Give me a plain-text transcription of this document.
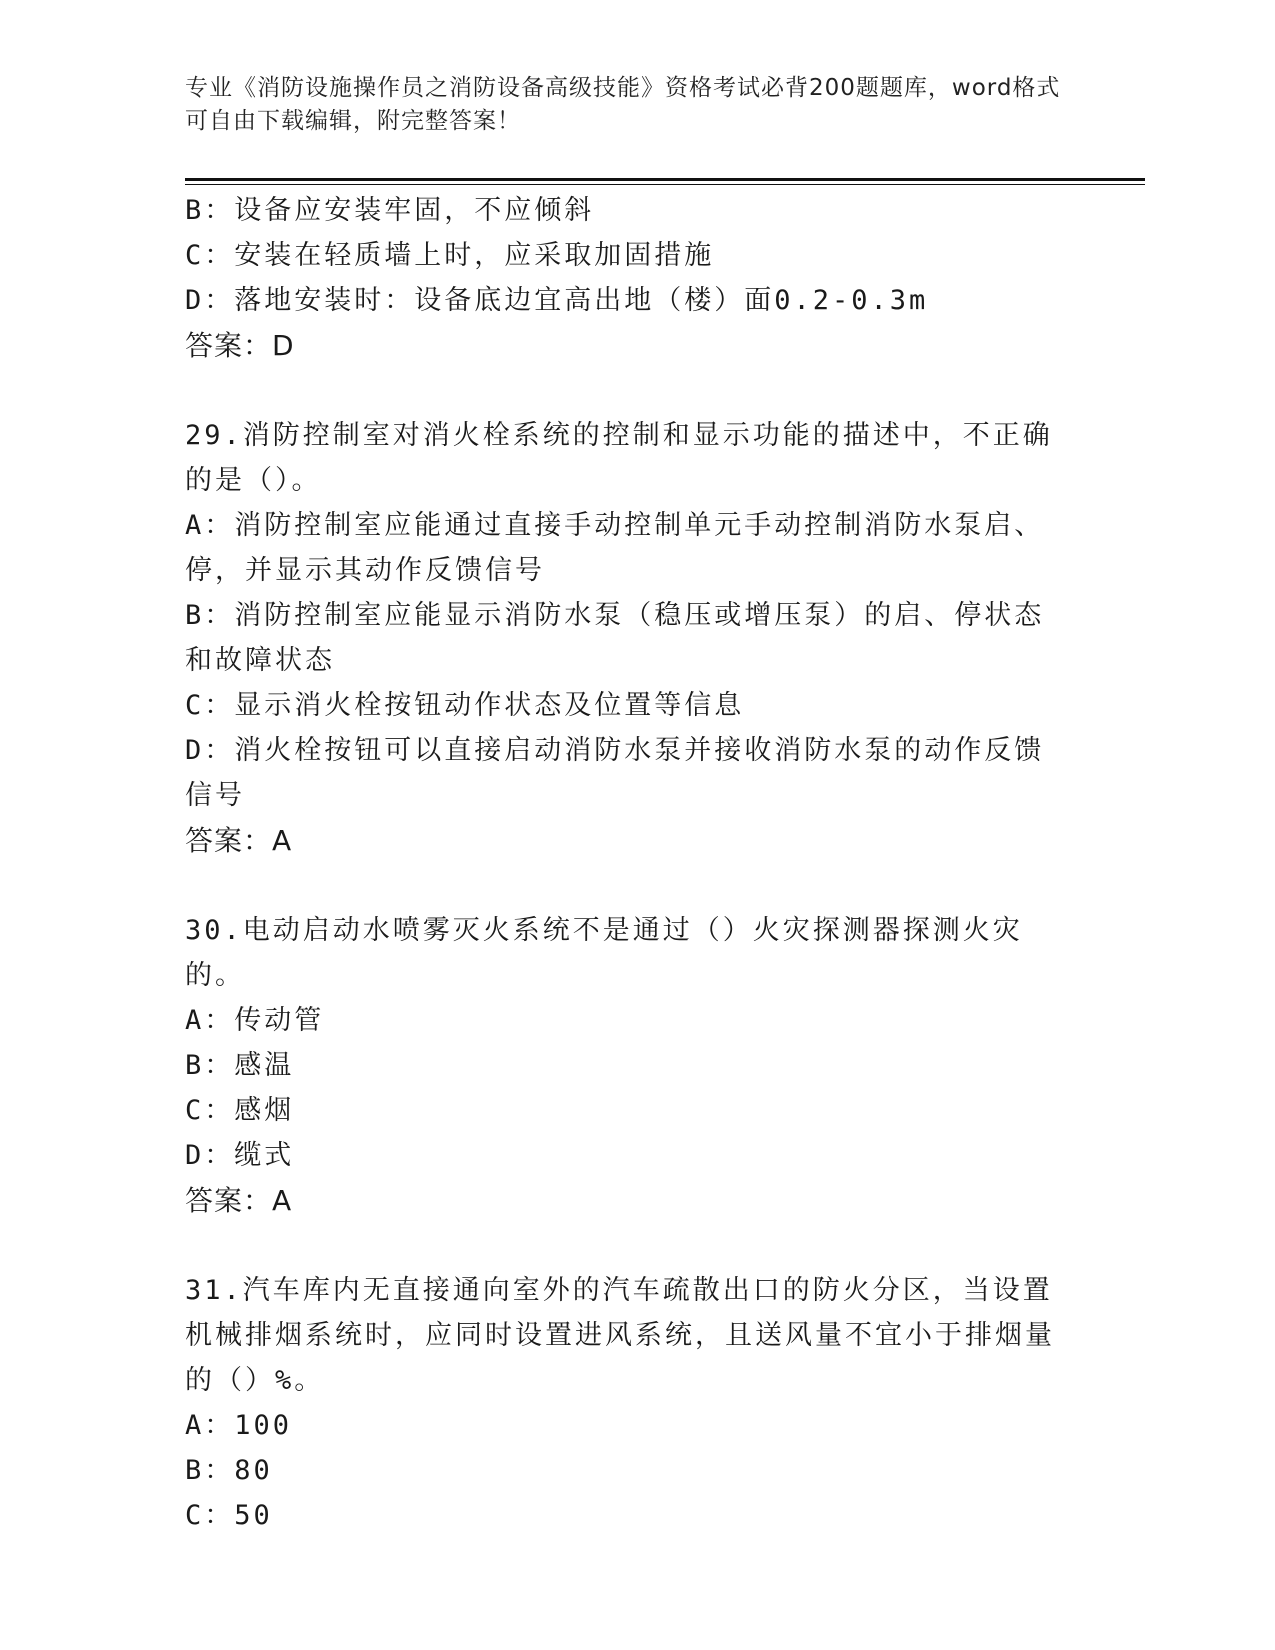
专业《消防设施操作员之消防设备高级技能》资格考试必背200题题库，word格式可自由下载编辑，附完整答案！

B：设备应安装牢固，不应倾斜

C：安装在轻质墙上时，应采取加固措施

D：落地安装时：设备底边宜高出地（楼）面0.2-0.3m

答案：D

29.消防控制室对消火栓系统的控制和显示功能的描述中，不正确的是（）。

A：消防控制室应能通过直接手动控制单元手动控制消防水泵启、停，并显示其动作反馈信号

B：消防控制室应能显示消防水泵（稳压或增压泵）的启、停状态和故障状态

C：显示消火栓按钮动作状态及位置等信息

D：消火栓按钮可以直接启动消防水泵并接收消防水泵的动作反馈信号

答案：A

30.电动启动水喷雾灭火系统不是通过（）火灾探测器探测火灾的。

A：传动管

B：感温

C：感烟

D：缆式

答案：A

31.汽车库内无直接通向室外的汽车疏散出口的防火分区，当设置机械排烟系统时，应同时设置进风系统，且送风量不宜小于排烟量的（）%。

A：100

B：80

C：50
